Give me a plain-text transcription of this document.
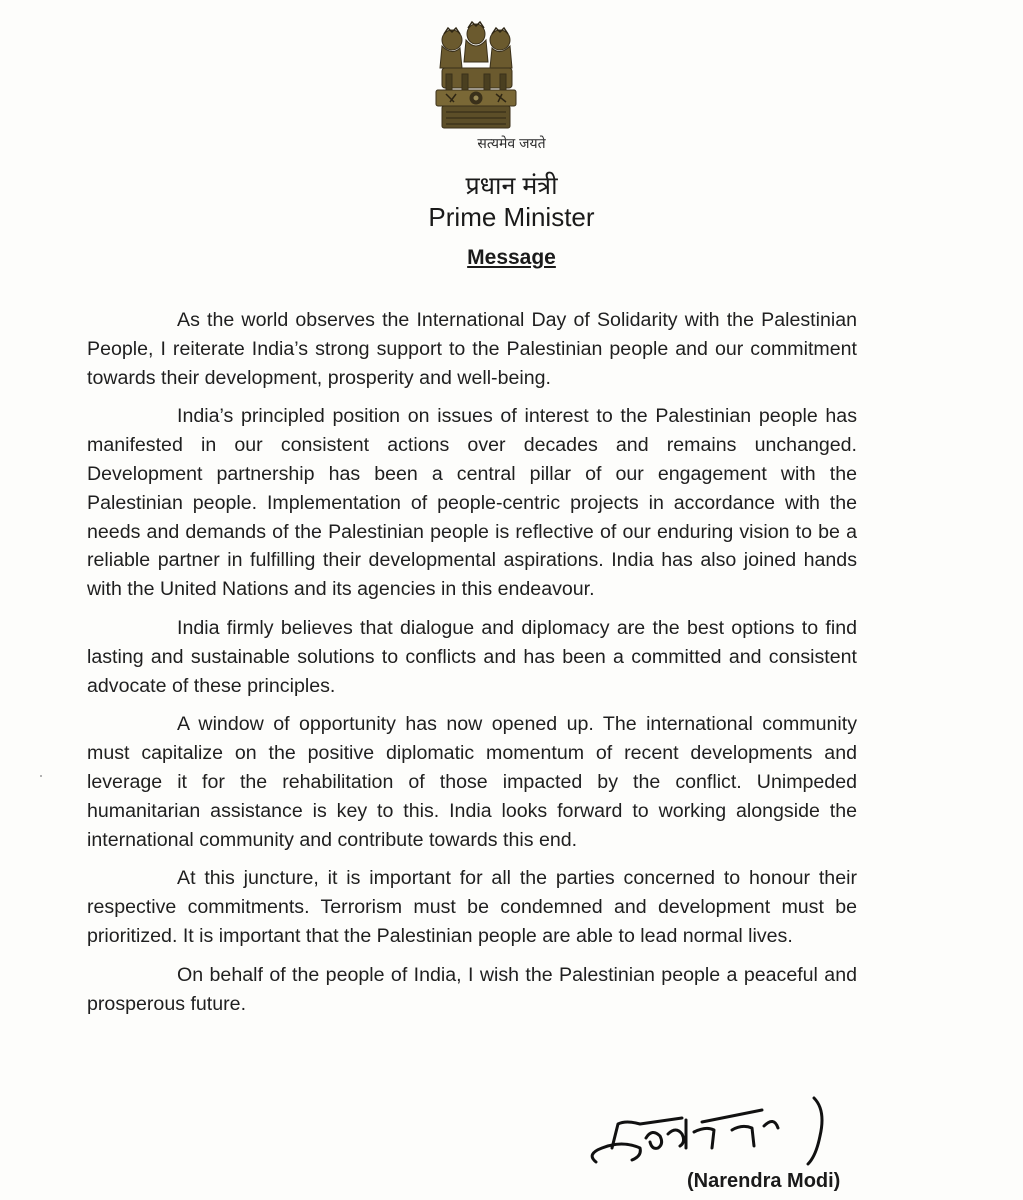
सत्यमेव जयते
प्रधान मंत्री
Prime Minister
Message

As the world observes the International Day of Solidarity with the Palestinian People, I reiterate India’s strong support to the Palestinian people and our commitment towards their development, prosperity and well-being.

India’s principled position on issues of interest to the Palestinian people has manifested in our consistent actions over decades and remains unchanged. Development partnership has been a central pillar of our engagement with the Palestinian people. Implementation of people-centric projects in accordance with the needs and demands of the Palestinian people is reflective of our enduring vision to be a reliable partner in fulfilling their developmental aspirations. India has also joined hands with the United Nations and its agencies in this endeavour.

India firmly believes that dialogue and diplomacy are the best options to find lasting and sustainable solutions to conflicts and has been a committed and consistent advocate of these principles.

A window of opportunity has now opened up. The international community must capitalize on the positive diplomatic momentum of recent developments and leverage it for the rehabilitation of those impacted by the conflict. Unimpeded humanitarian assistance is key to this. India looks forward to working alongside the international community and contribute towards this end.

At this juncture, it is important for all the parties concerned to honour their respective commitments. Terrorism must be condemned and development must be prioritized. It is important that the Palestinian people are able to lead normal lives.

On behalf of the people of India, I wish the Palestinian people a peaceful and prosperous future.

(Narendra Modi)
